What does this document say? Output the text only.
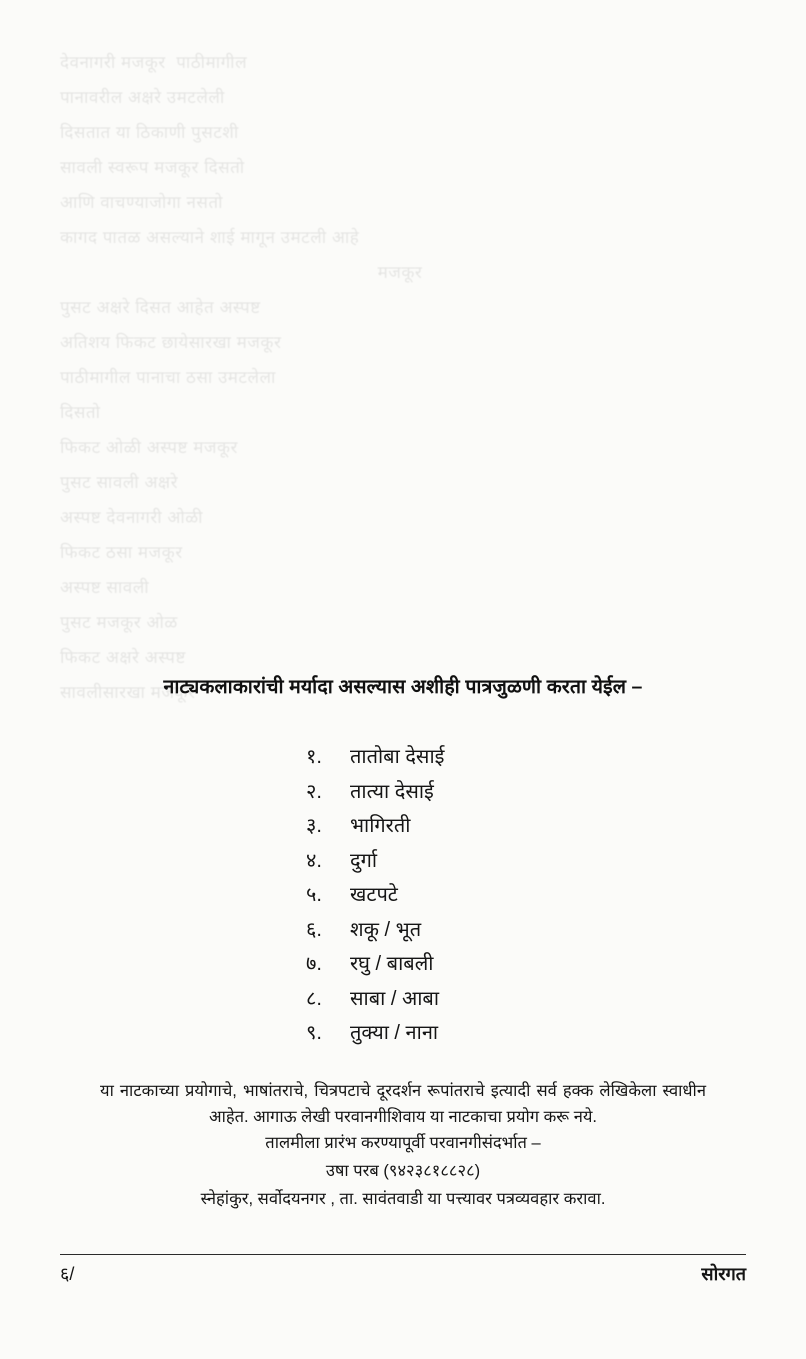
देवनागरी मजकूर  पाठीमागील
पानावरील अक्षरे उमटलेली
दिसतात या ठिकाणी पुसटशी
सावली स्वरूप मजकूर दिसतो
आणि वाचण्याजोगा नसतो
कागद पातळ असल्याने शाई मागून उमटली आहे
मजकूर
पुसट अक्षरे दिसत आहेत अस्पष्ट
अतिशय फिकट छायेसारखा मजकूर
पाठीमागील पानाचा ठसा उमटलेला
दिसतो
फिकट ओळी अस्पष्ट मजकूर
पुसट सावली अक्षरे
अस्पष्ट देवनागरी ओळी
फिकट ठसा मजकूर
अस्पष्ट सावली
पुसट मजकूर ओळ
फिकट अक्षरे अस्पष्ट
सावलीसारखा मजकूर
नाट्यकलाकारांची मर्यादा असल्यास अशीही पात्रजुळणी करता येईल –
१.	तातोबा देसाई
२.	तात्या देसाई
३.	भागिरती
४.	दुर्गा
५.	खटपटे
६.	शकू / भूत
७.	रघु / बाबली
८.	साबा / आबा
९.	तुक्या / नाना
या नाटकाच्या प्रयोगाचे, भाषांतराचे, चित्रपटाचे दूरदर्शन रूपांतराचे इत्यादी सर्व हक्क लेखिकेला स्वाधीन आहेत. आगाऊ लेखी परवानगीशिवाय या नाटकाचा प्रयोग करू नये.
तालमीला प्रारंभ करण्यापूर्वी परवानगीसंदर्भात –
उषा परब (९४२३८१८८२८)
स्नेहांकुर, सर्वोदयनगर , ता. सावंतवाडी या पत्त्यावर पत्रव्यवहार करावा.
६/	सोरगत
